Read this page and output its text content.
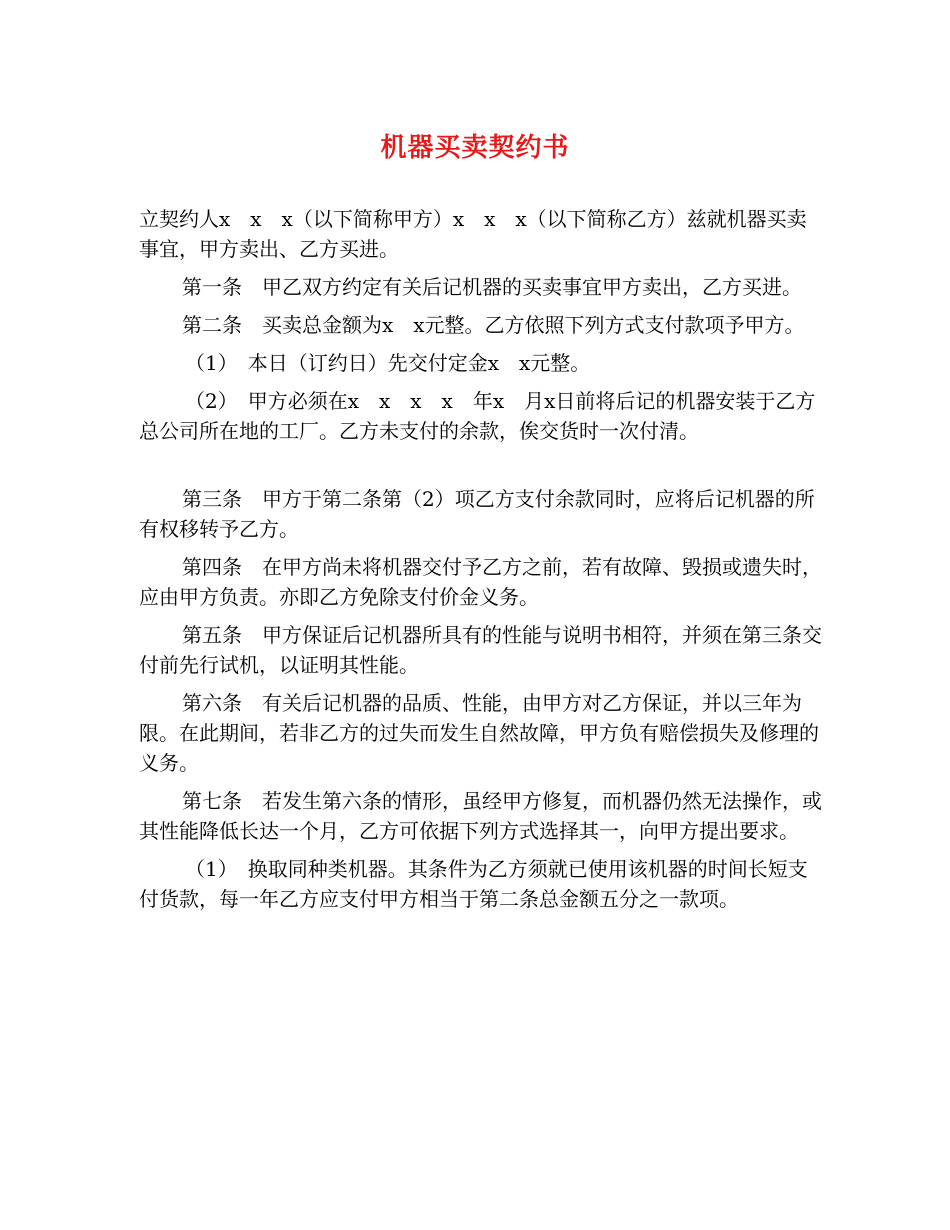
机器买卖契约书

立契约人x　x　x（以下简称甲方）x　x　x（以下简称乙方）兹就机器买卖事宜，甲方卖出、乙方买进。

第一条　甲乙双方约定有关后记机器的买卖事宜甲方卖出，乙方买进。

第二条　买卖总金额为x　x元整。乙方依照下列方式支付款项予甲方。

（1）　本日（订约日）先交付定金x　x元整。

（2）　甲方必须在x　x　x　x　年x　月x日前将后记的机器安装于乙方总公司所在地的工厂。乙方未支付的余款，俟交货时一次付清。

第三条　甲方于第二条第（2）项乙方支付余款同时，应将后记机器的所有权移转予乙方。

第四条　在甲方尚未将机器交付予乙方之前，若有故障、毁损或遗失时，应由甲方负责。亦即乙方免除支付价金义务。

第五条　甲方保证后记机器所具有的性能与说明书相符，并须在第三条交付前先行试机，以证明其性能。

第六条　有关后记机器的品质、性能，由甲方对乙方保证，并以三年为限。在此期间，若非乙方的过失而发生自然故障，甲方负有赔偿损失及修理的义务。

第七条　若发生第六条的情形，虽经甲方修复，而机器仍然无法操作，或其性能降低长达一个月，乙方可依据下列方式选择其一，向甲方提出要求。

（1）　换取同种类机器。其条件为乙方须就已使用该机器的时间长短支付货款，每一年乙方应支付甲方相当于第二条总金额五分之一款项。
